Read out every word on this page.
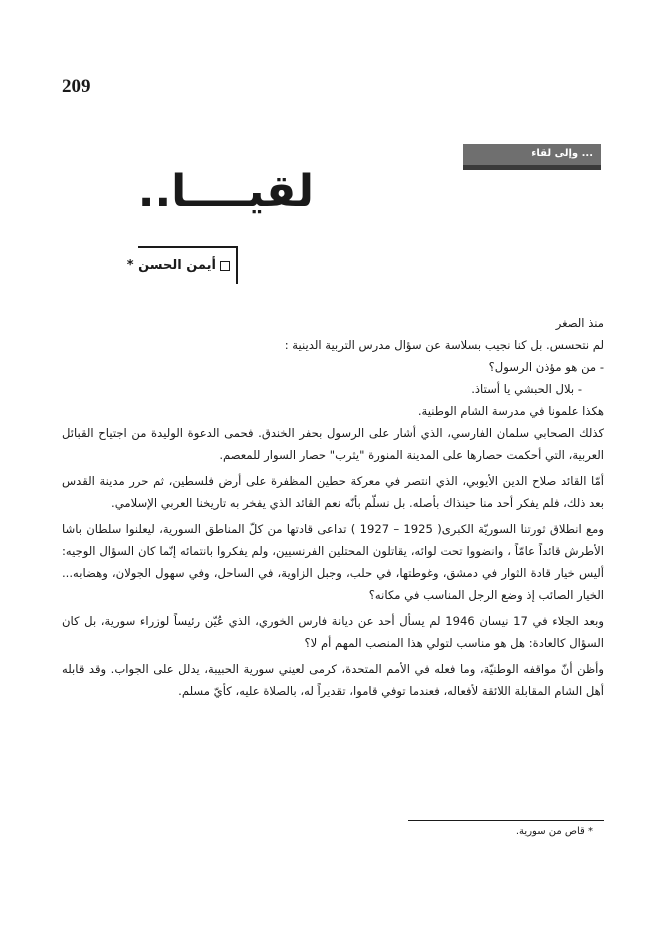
209
... وإلى لقاء
لقيــــا..
أيمن الحسن *

منذ الصغر

لم نتحسس. بل كنا نجيب بسلاسة عن سؤال مدرس التربية الدينية :

- من هو مؤذن الرسول؟

- بلال الحبشي يا أستاذ.

هكذا علمونا في مدرسة الشام الوطنية.

كذلك الصحابي سلمان الفارسي، الذي أشار على الرسول بحفر الخندق. فحمى الدعوة الوليدة من اجتياح القبائل العربية، التي أحكمت حصارها على المدينة المنورة "يثرب" حصار السوار للمعصم.

أمّا القائد صلاح الدين الأيوبي، الذي انتصر في معركة حطين المظفرة على أرض فلسطين، ثم حرر مدينة القدس بعد ذلك، فلم يفكر أحد منا حينذاك بأصله. بل نسلّم بأنّه نعم القائد الذي يفخر به تاريخنا العربي الإسلامي.

ومع انطلاق ثورتنا السوريّة الكبرى( 1925 – 1927 ) تداعى قادتها من كلّ المناطق السورية، ليعلنوا سلطان باشا الأطرش قائداً عامّاً ، وانضووا تحت لوائه، يقاتلون المحتلين الفرنسيين، ولم يفكروا بانتمائه إنّما كان السؤال الوجيه: أليس خيار قادة الثوار في دمشق، وغوطتها، في حلب، وجبل الزاوية، في الساحل، وفي سهول الجولان، وهضابه... الخيار الصائب إذ وضع الرجل المناسب في مكانه؟

وبعد الجلاء في 17 نيسان 1946 لم يسأل أحد عن ديانة فارس الخوري، الذي عُيّن رئيساً لوزراء سورية، بل كان السؤال كالعادة: هل هو مناسب لتولي هذا المنصب المهم أم لا؟

وأظن أنّ مواقفه الوطنيّة، وما فعله في الأمم المتحدة، كرمى لعيني سورية الحبيبة، يدلل على الجواب. وقد قابله أهل الشام المقابلة اللائقة لأفعاله، فعندما توفي قاموا، تقديراً له، بالصلاة عليه، كأيّ مسلم.

* قاص من سورية.
